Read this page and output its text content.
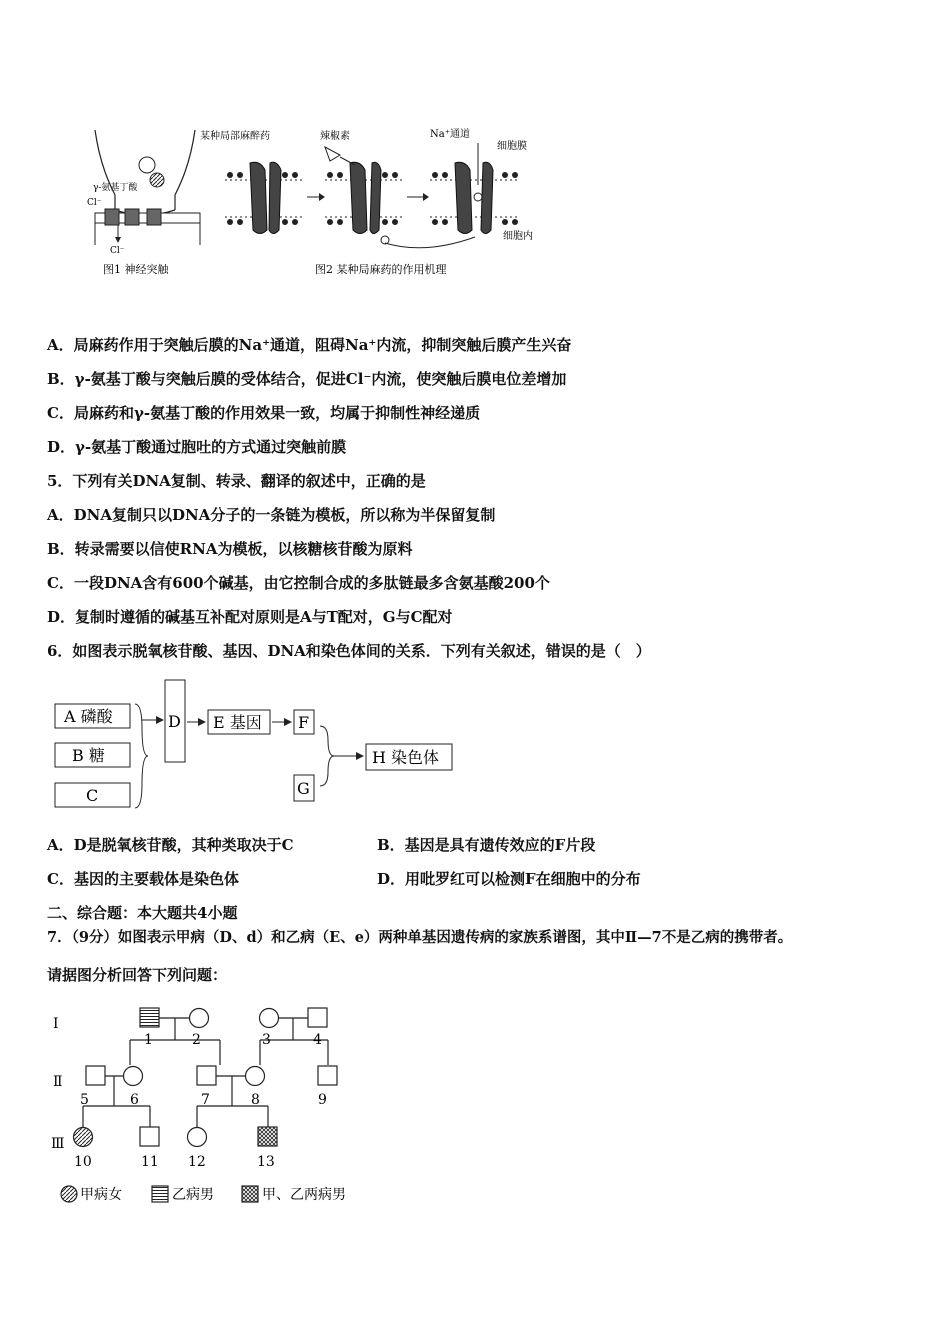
γ-氨基丁酸
Cl⁻
Cl⁻
图1 神经突触
某种局部麻醉药	辣椒素	Na⁺通道
细胞膜
细胞内
图2 某种局麻药的作用机理
A．局麻药作用于突触后膜的Na⁺通道，阻碍Na⁺内流，抑制突触后膜产生兴奋
B．γ-氨基丁酸与突触后膜的受体结合，促进Cl⁻内流，使突触后膜电位差增加
C．局麻药和γ-氨基丁酸的作用效果一致，均属于抑制性神经递质
D．γ-氨基丁酸通过胞吐的方式通过突触前膜
5．下列有关DNA复制、转录、翻译的叙述中，正确的是
A．DNA复制只以DNA分子的一条链为模板，所以称为半保留复制
B．转录需要以信使RNA为模板，以核糖核苷酸为原料
C．一段DNA含有600个碱基，由它控制合成的多肽链最多含氨基酸200个
D．复制时遵循的碱基互补配对原则是A与T配对，G与C配对
6．如图表示脱氧核苷酸、基因、DNA和染色体间的关系．下列有关叙述，错误的是（　）
A 磷酸
B 糖
C
D E 基因 F
G
H 染色体
A．D是脱氧核苷酸，其种类取决于C	B．基因是具有遗传效应的F片段
C．基因的主要载体是染色体	D．用吡罗红可以检测F在细胞中的分布
二、综合题：本大题共4小题
7．（9分）如图表示甲病（D、d）和乙病（E、e）两种单基因遗传病的家族系谱图，其中Ⅱ—7不是乙病的携带者。
请据图分析回答下列问题：
Ⅰ
Ⅱ
Ⅲ
1	2	3	4
5	6	7	8	9
10	11 12	13
甲病女	乙病男	甲、乙两病男
